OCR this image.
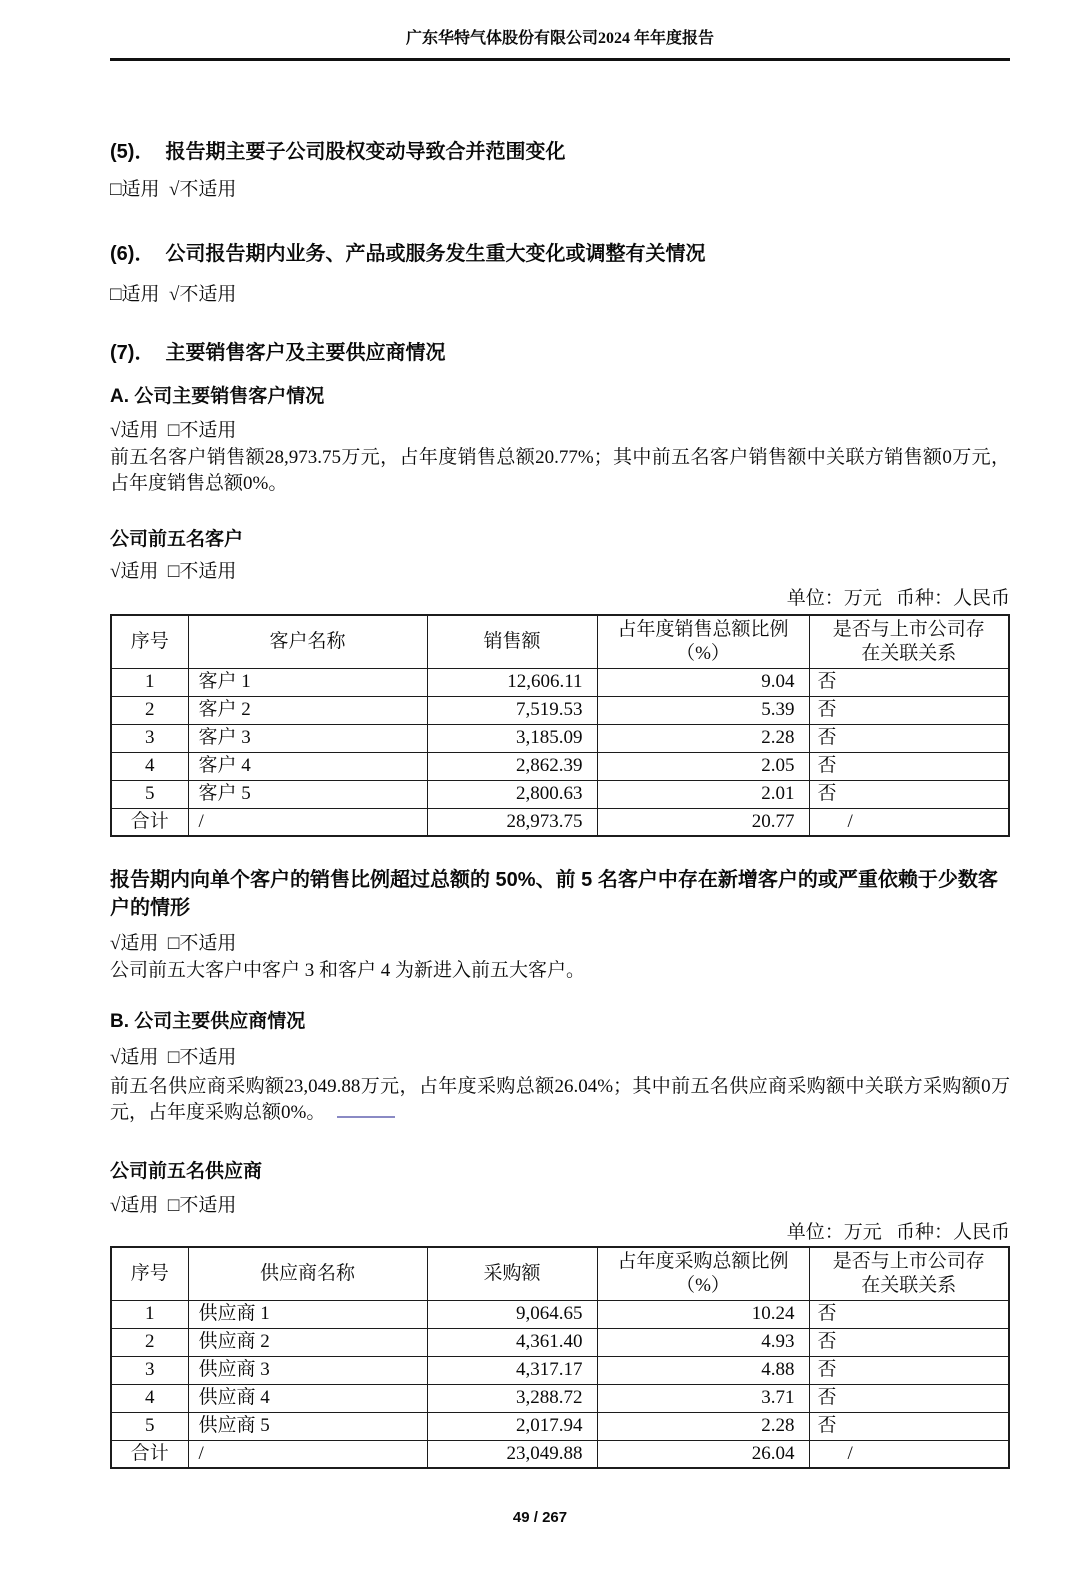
广东华特气体股份有限公司2024 年年度报告
(5)．  报告期主要子公司股权变动导致合并范围变化
□适用  √不适用
(6)．  公司报告期内业务、产品或服务发生重大变化或调整有关情况
□适用  √不适用
(7)．  主要销售客户及主要供应商情况
A. 公司主要销售客户情况
√适用  □不适用
前五名客户销售额28,973.75万元，占年度销售总额20.77%；其中前五名客户销售额中关联方销售额0万元，占年度销售总额0%。
公司前五名客户
√适用  □不适用
单位：万元   币种：人民币
序号	客户名称	销售额	占年度销售总额比例（%）	是否与上市公司存在关联关系
1	客户 1	12,606.11	9.04	否
2	客户 2	7,519.53	5.39	否
3	客户 3	3,185.09	2.28	否
4	客户 4	2,862.39	2.05	否
5	客户 5	2,800.63	2.01	否
合计	/	28,973.75	20.77	/
报告期内向单个客户的销售比例超过总额的 50%、前 5 名客户中存在新增客户的或严重依赖于少数客户的情形
√适用  □不适用
公司前五大客户中客户 3 和客户 4 为新进入前五大客户。
B. 公司主要供应商情况
√适用  □不适用
前五名供应商采购额23,049.88万元，占年度采购总额26.04%；其中前五名供应商采购额中关联方采购额0万元，占年度采购总额0%。
公司前五名供应商
√适用  □不适用
单位：万元   币种：人民币
序号	供应商名称	采购额	占年度采购总额比例（%）	是否与上市公司存在关联关系
1	供应商 1	9,064.65	10.24	否
2	供应商 2	4,361.40	4.93	否
3	供应商 3	4,317.17	4.88	否
4	供应商 4	3,288.72	3.71	否
5	供应商 5	2,017.94	2.28	否
合计	/	23,049.88	26.04	/
49 / 267
